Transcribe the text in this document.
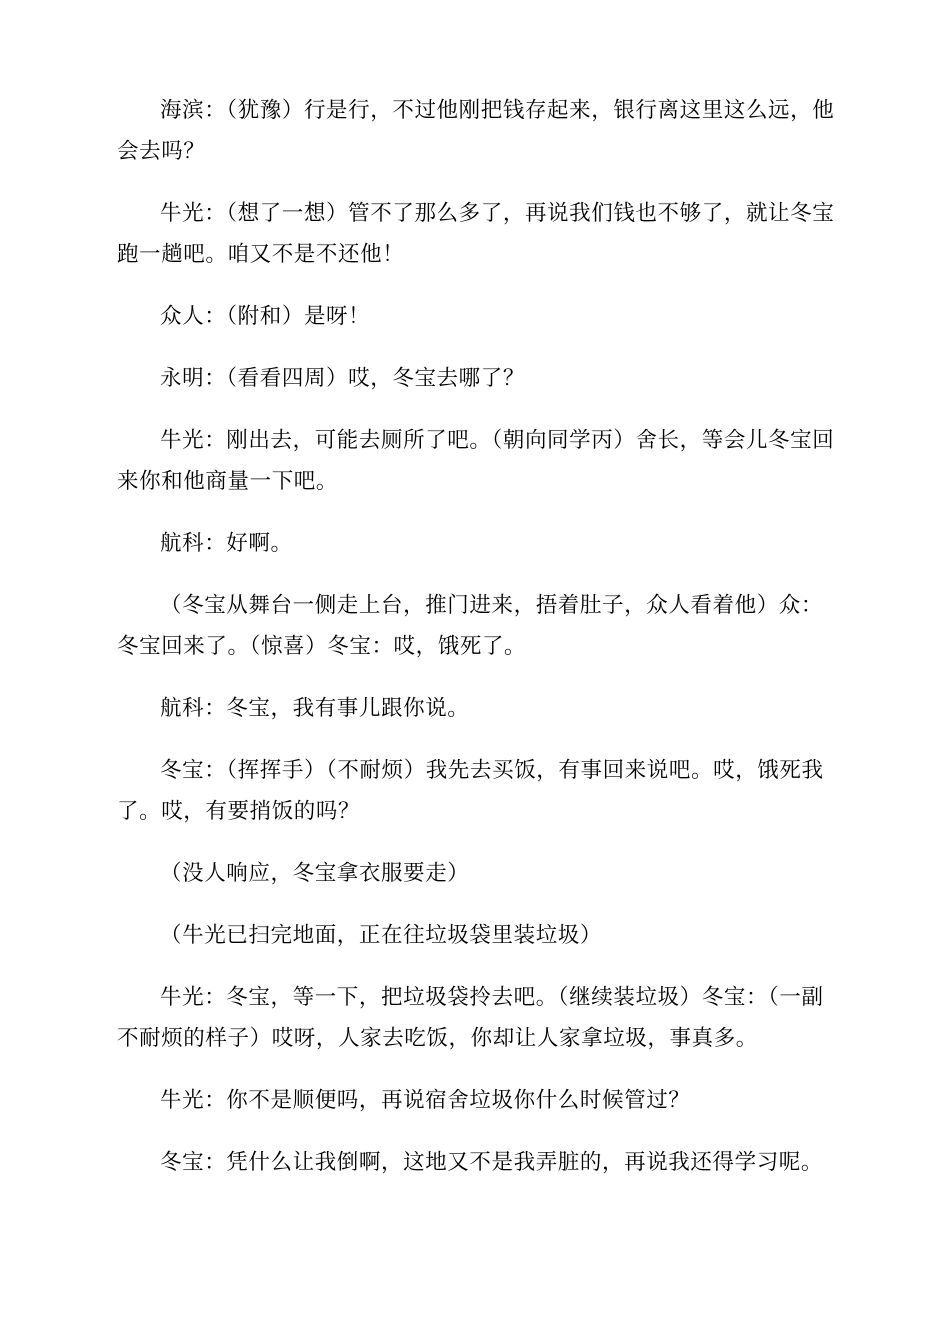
海滨：（犹豫）行是行，不过他刚把钱存起来，银行离这里这么远，他会去吗？

牛光：（想了一想）管不了那么多了，再说我们钱也不够了，就让冬宝跑一趟吧。咱又不是不还他！

众人：（附和）是呀！

永明：（看看四周）哎，冬宝去哪了？

牛光：刚出去，可能去厕所了吧。（朝向同学丙）舍长，等会儿冬宝回来你和他商量一下吧。

航科：好啊。

（冬宝从舞台一侧走上台，推门进来，捂着肚子，众人看着他）众：冬宝回来了。（惊喜）冬宝：哎，饿死了。

航科：冬宝，我有事儿跟你说。

冬宝：（挥挥手）（不耐烦）我先去买饭，有事回来说吧。哎，饿死我了。哎，有要捎饭的吗？

（没人响应，冬宝拿衣服要走）

（牛光已扫完地面，正在往垃圾袋里装垃圾）

牛光：冬宝，等一下，把垃圾袋拎去吧。（继续装垃圾）冬宝：（一副不耐烦的样子）哎呀，人家去吃饭，你却让人家拿垃圾，事真多。

牛光：你不是顺便吗，再说宿舍垃圾你什么时候管过？

冬宝：凭什么让我倒啊，这地又不是我弄脏的，再说我还得学习呢。
